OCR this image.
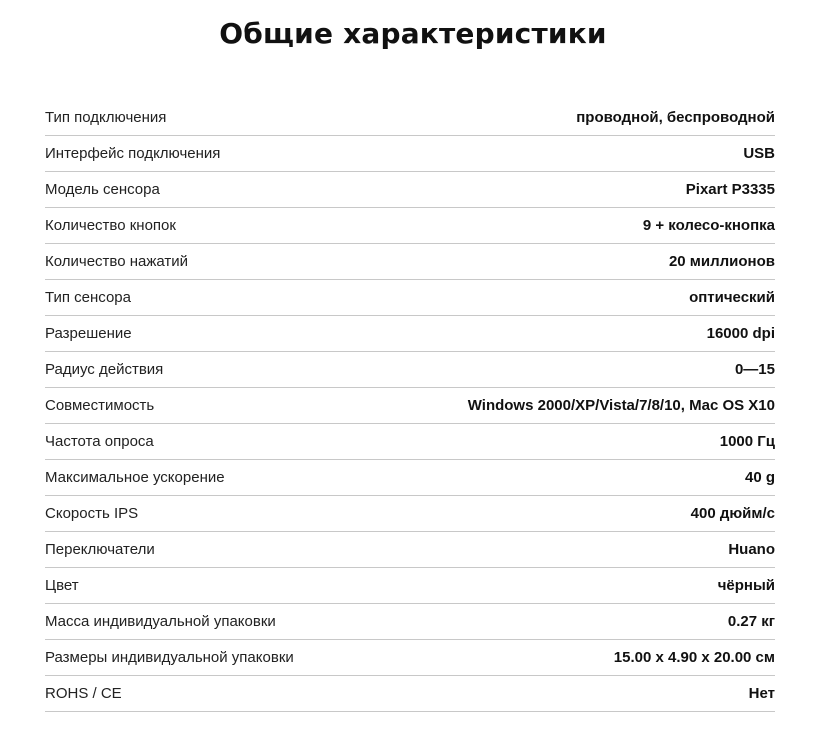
Общие характеристики
Тип подключения	проводной, беспроводной
Интерфейс подключения	USB
Модель сенсора	Pixart P3335
Количество кнопок	9 + колесо-кнопка
Количество нажатий	20 миллионов
Тип сенсора	оптический
Разрешение	16000 dpi
Радиус действия	0—15
Совместимость	Windows 2000/XP/Vista/7/8/10, Mac OS X10
Частота опроса	1000 Гц
Максимальное ускорение	40 g
Скорость IPS	400 дюйм/с
Переключатели	Huano
Цвет	чёрный
Масса индивидуальной упаковки	0.27 кг
Размеры индивидуальной упаковки	15.00 x 4.90 x 20.00 см
ROHS / CE	Нет
